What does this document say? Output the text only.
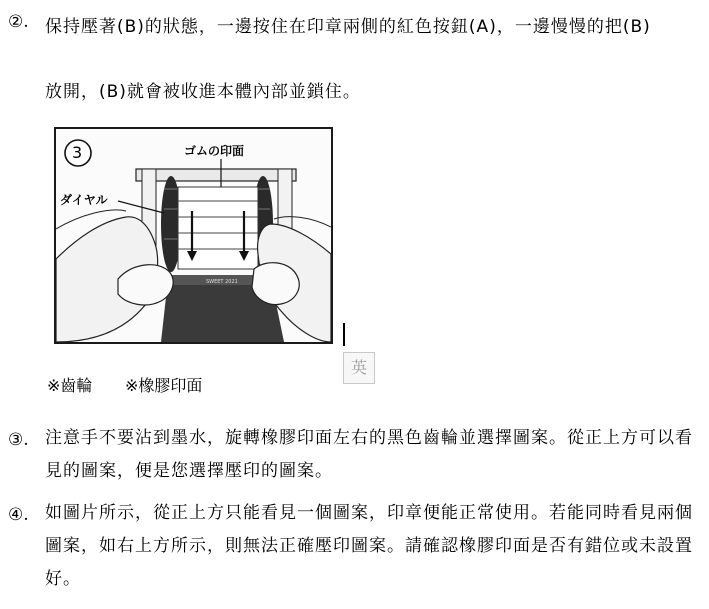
②. 保持壓著(B)的狀態，一邊按住在印章兩側的紅色按鈕(A)，一邊慢慢的把(B)
放開，(B)就會被收進本體內部並鎖住。
SWEET 2021
3	ゴムの印面
ダイヤル
英
※齒輪 ※橡膠印面
③. 注意手不要沾到墨水，旋轉橡膠印面左右的黑色齒輪並選擇圖案。從正上方可以看見的圖案，便是您選擇壓印的圖案。
④. 如圖片所示，從正上方只能看見一個圖案，印章便能正常使用。若能同時看見兩個圖案，如右上方所示，則無法正確壓印圖案。請確認橡膠印面是否有錯位或未設置好。
